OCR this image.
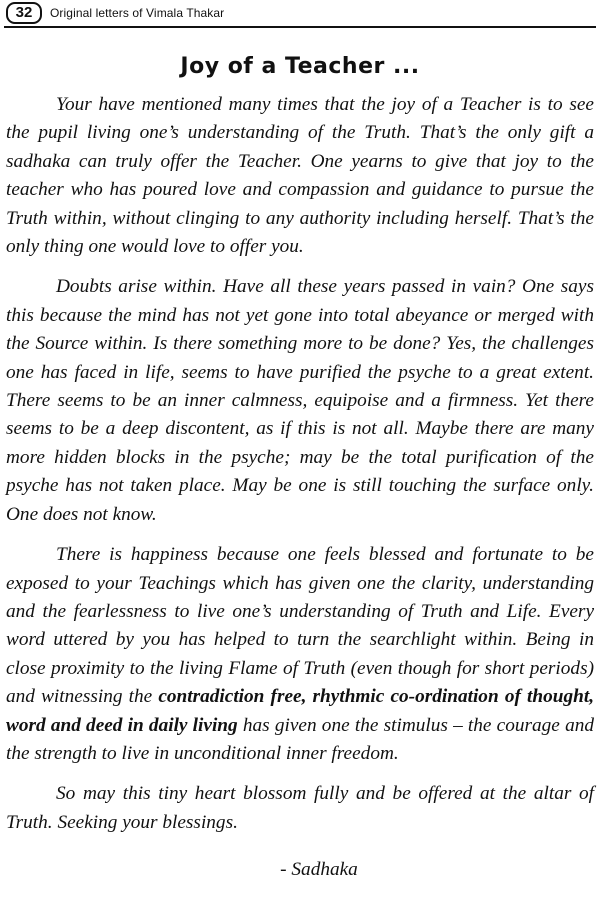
32	Original letters of Vimala Thakar
Joy of a Teacher ...

Your have mentioned many times that the joy of a Teacher is to see the pupil living one’s understanding of the Truth. That’s the only gift a sadhaka can truly offer the Teacher. One yearns to give that joy to the teacher who has poured love and compassion and guidance to pursue the Truth within, without clinging to any authority including herself. That’s the only thing one would love to offer you.

Doubts arise within. Have all these years passed in vain? One says this because the mind has not yet gone into total abeyance or merged with the Source within. Is there something more to be done? Yes, the challenges one has faced in life, seems to have purified the psyche to a great extent. There seems to be an inner calmness, equipoise and a firmness. Yet there seems to be a deep discontent, as if this is not all. Maybe there are many more hidden blocks in the psyche; may be the total purification of the psyche has not taken place. May be one is still touching the surface only. One does not know.

There is happiness because one feels blessed and fortunate to be exposed to your Teachings which has given one the clarity, understanding and the fearlessness to live one’s understanding of Truth and Life. Every word uttered by you has helped to turn the searchlight within. Being in close proximity to the living Flame of Truth (even though for short periods) and witnessing the contradiction free, rhythmic co-ordination of thought, word and deed in daily living has given one the stimulus – the courage and the strength to live in unconditional inner freedom.

So may this tiny heart blossom fully and be offered at the altar of Truth. Seeking your blessings.

- Sadhaka
